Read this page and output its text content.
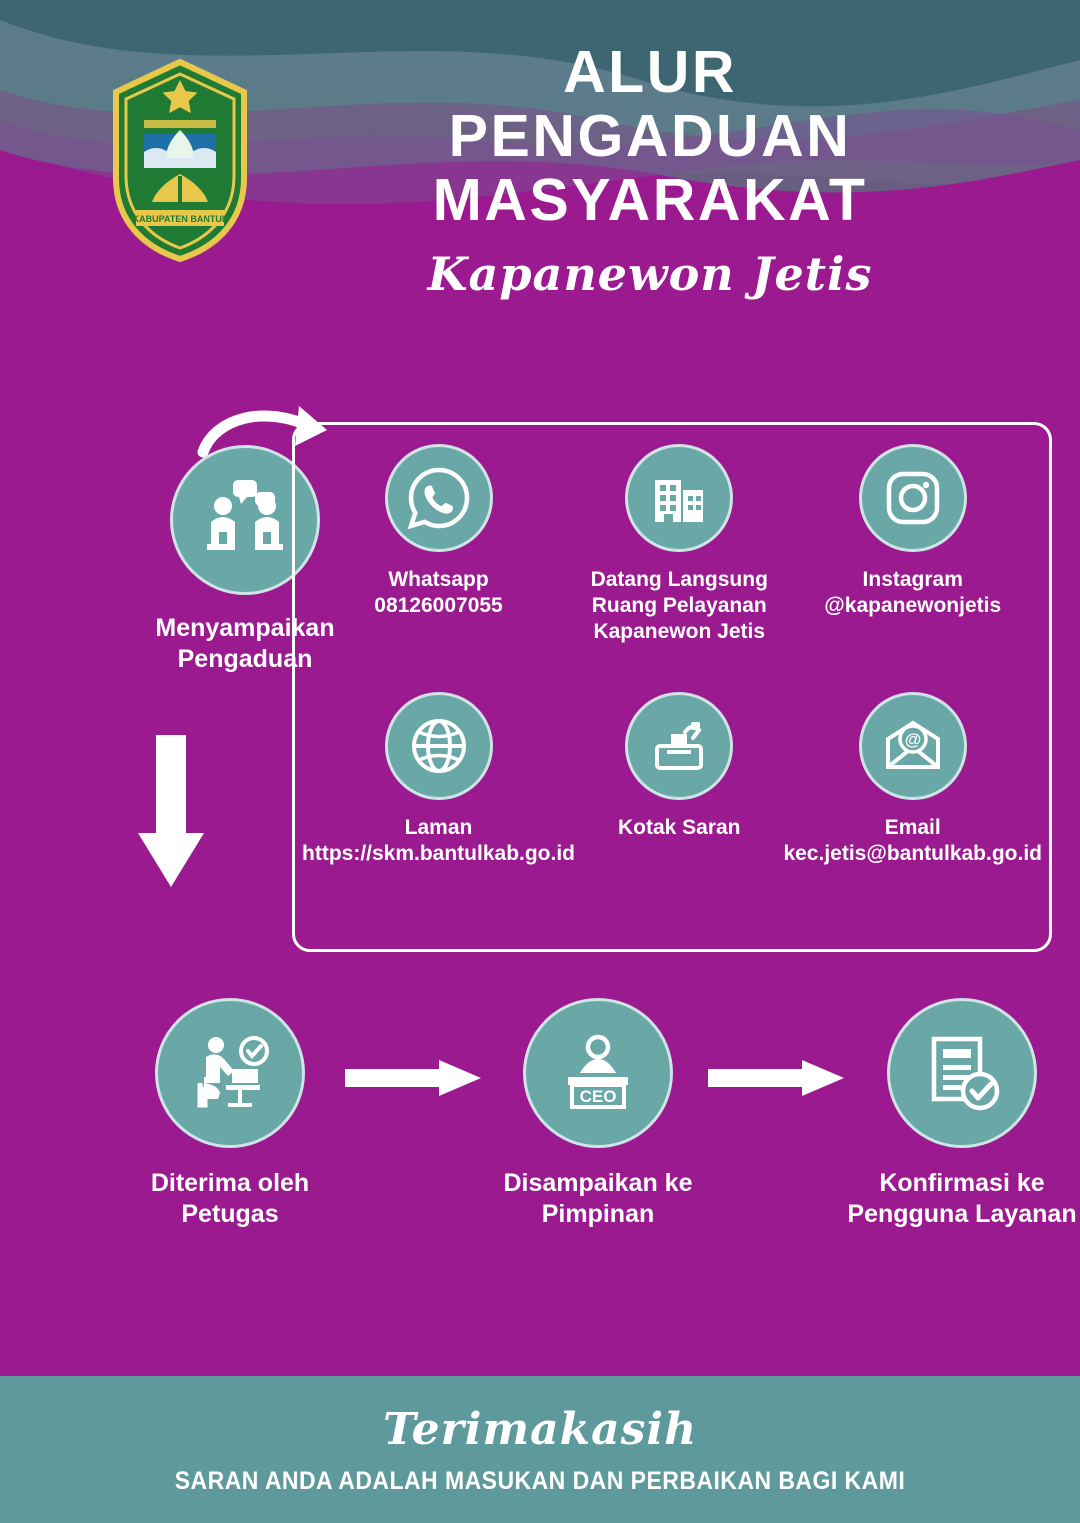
KABUPATEN BANTUL
ALUR
PENGADUAN
MASYARAKAT
Kapanewon Jetis
Menyampaikan
Pengaduan
Whatsapp
08126007055
Datang Langsung
Ruang Pelayanan
Kapanewon Jetis
Instagram
@kapanewonjetis
Laman
https://skm.bantulkab.go.id
Kotak Saran
@
Email
kec.jetis@bantulkab.go.id
Diterima oleh
Petugas
CEO
Disampaikan ke
Pimpinan
Konfirmasi ke
Pengguna Layanan
Terimakasih
SARAN ANDA ADALAH MASUKAN DAN PERBAIKAN BAGI KAMI
